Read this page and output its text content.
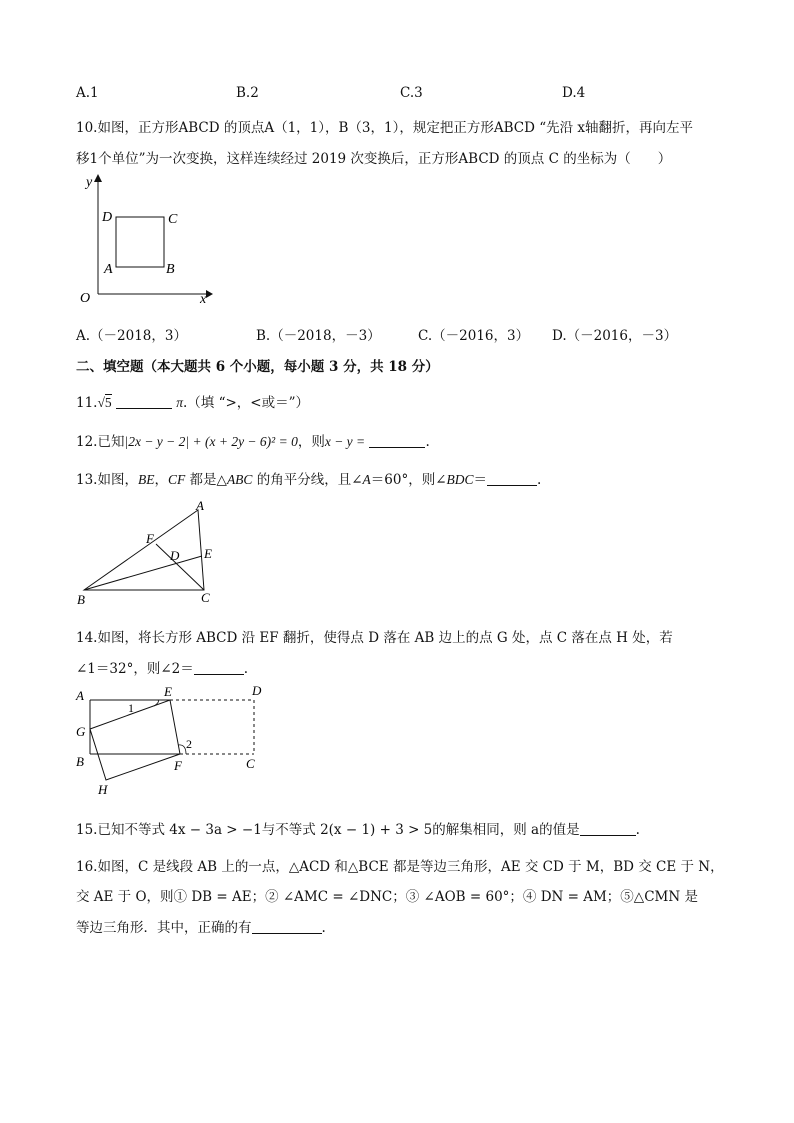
A.1	B.2	C.3	D.4
10.如图，正方形ABCD 的顶点A（1，1），B（3，1），规定把正方形ABCD “先沿 x轴翻折，再向左平
移1个单位”为一次变换，这样连续经过 2019 次变换后，正方形ABCD 的顶点 C 的坐标为（　　）
y
x
O
A	B
C
D
A.（－2018，3）	B.（－2018，－3）	C.（－2016，3） D.（－2016，－3）
二、填空题（本大题共 6 个小题，每小题 3 分，共 18 分）
11.√5	π.（填 “>，<或＝”）
12.已知|2x − y − 2| + (x + 2y − 6)² = 0，则x − y =	.
13.如图，BE，CF 都是△ABC 的角平分线，且∠A＝60°，则∠BDC＝	.
A
B	C
D E
F
14.如图，将长方形 ABCD 沿 EF 翻折，使得点 D 落在 AB 边上的点 G 处，点 C 落在点 H 处，若
∠1＝32°，则∠2＝	.
A	E	D
G
B	F	C
H
1
2
15.已知不等式 4x − 3a > −1与不等式 2(x − 1) + 3 > 5的解集相同，则 a的值是	.
16.如图，C 是线段 AB 上的一点，△ACD 和△BCE 都是等边三角形，AE 交 CD 于 M，BD 交 CE 于 N，
交 AE 于 O，则① DB = AE；② ∠AMC = ∠DNC；③ ∠AOB = 60°；④ DN = AM；⑤△CMN 是
等边三角形．其中，正确的有	.
